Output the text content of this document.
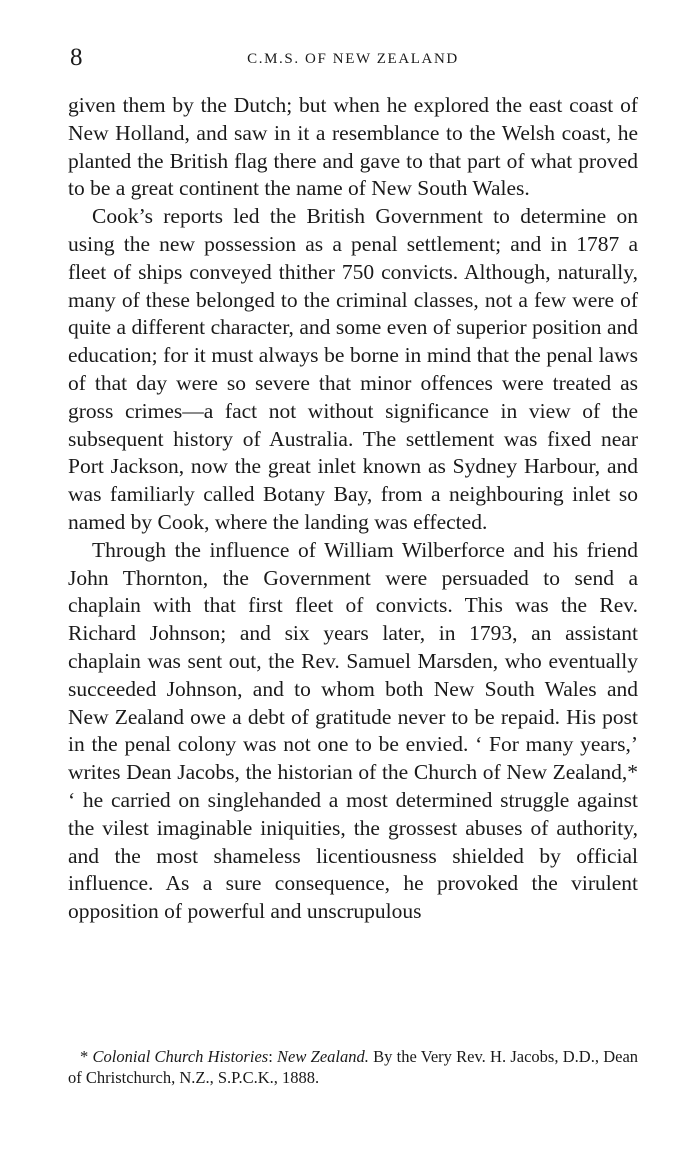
8	C.M.S. OF NEW ZEALAND

given them by the Dutch; but when he explored the east coast of New Holland, and saw in it a resemblance to the Welsh coast, he planted the British flag there and gave to that part of what proved to be a great continent the name of New South Wales.

Cook’s reports led the British Government to determine on using the new possession as a penal settlement; and in 1787 a fleet of ships conveyed thither 750 convicts. Although, naturally, many of these belonged to the criminal classes, not a few were of quite a different character, and some even of superior position and education; for it must always be borne in mind that the penal laws of that day were so severe that minor offences were treated as gross crimes—a fact not without significance in view of the subsequent history of Australia. The settlement was fixed near Port Jackson, now the great inlet known as Sydney Harbour, and was familiarly called Botany Bay, from a neighbouring inlet so named by Cook, where the landing was effected.

Through the influence of William Wilberforce and his friend John Thornton, the Government were persuaded to send a chaplain with that first fleet of convicts. This was the Rev. Richard Johnson; and six years later, in 1793, an assistant chaplain was sent out, the Rev. Samuel Marsden, who eventually succeeded Johnson, and to whom both New South Wales and New Zealand owe a debt of gratitude never to be repaid. His post in the penal colony was not one to be envied. ‘ For many years,’ writes Dean Jacobs, the historian of the Church of New Zealand,* ‘ he carried on singlehanded a most determined struggle against the vilest imaginable iniquities, the grossest abuses of authority, and the most shameless licentiousness shielded by official influence. As a sure consequence, he provoked the virulent opposition of powerful and unscrupulous

* Colonial Church Histories: New Zealand. By the Very Rev. H. Jacobs, D.D., Dean of Christchurch, N.Z., S.P.C.K., 1888.
